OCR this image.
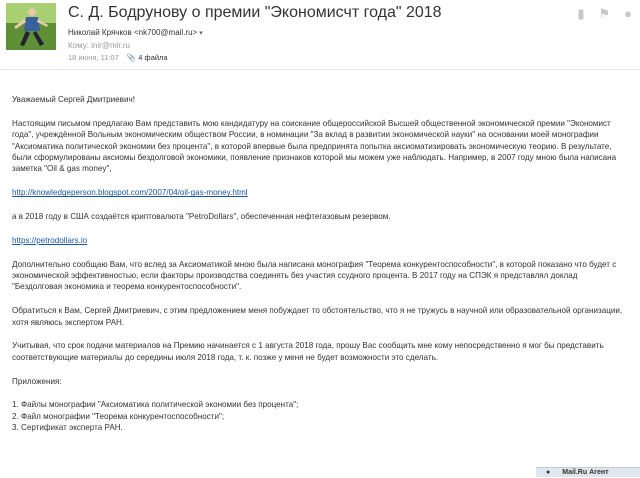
С. Д. Бодрунову о премии "Экономисчт года" 2018	▮ ⚑ ●
Николай Крячков <nk700@mail.ru> ▾
Кому: inir@mir.ru
18 июня, 11:07 📎 4 файла

Уважаемый Сергей Дмитриевич!

Настоящим письмом предлагаю Вам представить мою кандидатуру на соискание общероссийской Высшей общественной экономической премии "Экономист
года", учреждённой Вольным экономическим обществом России, в номинации "За вклад в развитии экономической науки" на основании моей монографии
"Аксиоматика политической экономии без процента", в которой впервые была предпринята попытка аксиоматизировать экономическую теорию. В результате,
были сформулированы аксиомы бездолговой экономики, появление признаков которой мы можем уже наблюдать. Например, в 2007 году мною была написана
заметка "Oil & gas money",

http://knowledgeperson.blogspot.com/2007/04/oil-gas-money.html

а в 2018 году в США создаётся криптовалюта "PetroDollars", обеспеченная нефтегазовым резервом.

https://petrodollars.io

Дополнительно сообщаю Вам, что вслед за Аксиоматикой мною была написана монография "Теорема конкурентоспособности", в которой показано что будет с
экономической эффективностью, если факторы производства соединять без участия ссудного процента. В 2017 году на СПЭК я представлял доклад
"Бездолговая экономика и теорема конкурентоспособности".

Обратиться к Вам, Сергей Дмитриевич, с этим предложением меня побуждает то обстоятельство, что я не тружусь в научной или образовательной организации,
хотя являюсь экспертом РАН.

Учитывая, что срок подачи материалов на Премию начинается с 1 августа 2018 года, прошу Вас сообщить мне кому непосредственно я мог бы представить
соответствующие материалы до середины июля 2018 года, т. к. позже у меня не будет возможности это сделать.

Приложения:

1. Файлы монографии "Аксиоматика политической экономии без процента";
2. Файл монографии "Теорема конкурентоспособности";
3. Сертификат эксперта РАН.

● Mail.Ru Агент
